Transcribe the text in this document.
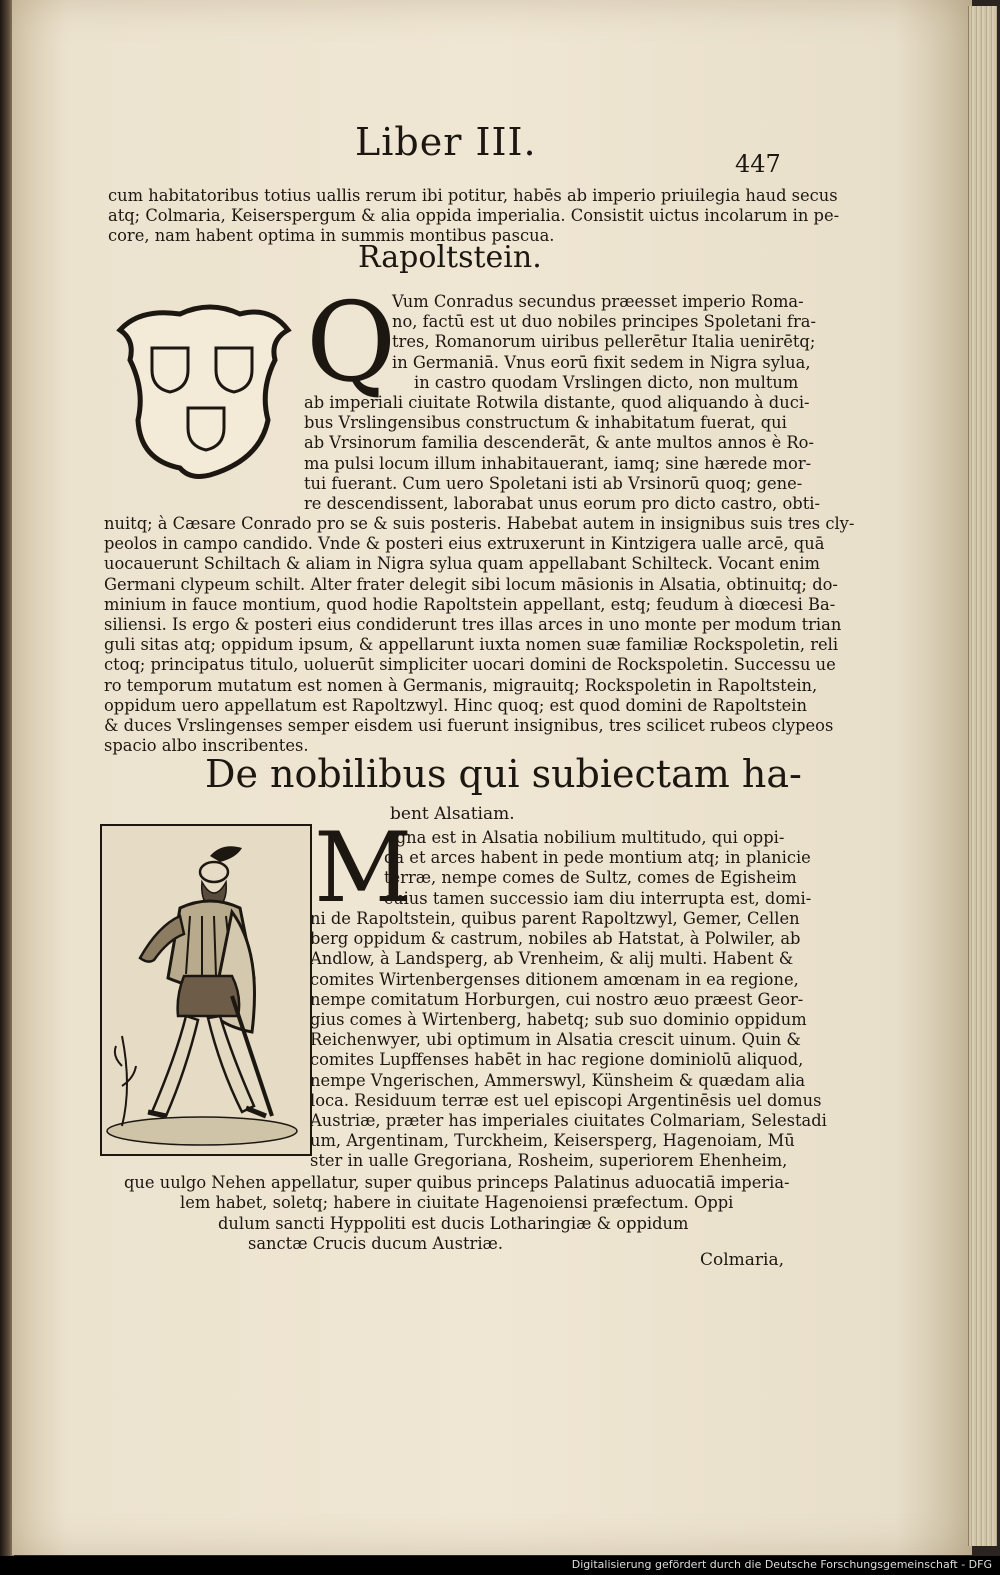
Liber III.	447
cum habitatoribus totius uallis rerum ibi potitur, habēs ab imperio priuilegia haud secus
atq; Colmaria, Keiserspergum & alia oppida imperialia. Consistit uictus incolarum in pe-
core, nam habent optima in summis montibus pascua.
Rapoltstein.
Q
Vum Conradus secundus præesset imperio Roma-
no, factū est ut duo nobiles principes Spoletani fra-
tres, Romanorum uiribus pellerētur Italia uenirētq;
in Germaniā. Vnus eorū fixit sedem in Nigra sylua,
in castro quodam Vrslingen dicto, non multum
ab imperiali ciuitate Rotwila distante, quod aliquando à duci-
bus Vrslingensibus constructum & inhabitatum fuerat, qui
ab Vrsinorum familia descenderāt, & ante multos annos è Ro-
ma pulsi locum illum inhabitauerant, iamq; sine hærede mor-
tui fuerant. Cum uero Spoletani isti ab Vrsinorū quoq; gene-
re descendissent, laborabat unus eorum pro dicto castro, obti-
nuitq; à Cæsare Conrado pro se & suis posteris. Habebat autem in insignibus suis tres cly-
peolos in campo candido. Vnde & posteri eius extruxerunt in Kintzigera ualle arcē, quā
uocauerunt Schiltach & aliam in Nigra sylua quam appellabant Schilteck. Vocant enim
Germani clypeum schilt. Alter frater delegit sibi locum māsionis in Alsatia, obtinuitq; do-
minium in fauce montium, quod hodie Rapoltstein appellant, estq; feudum à diœcesi Ba-
siliensi. Is ergo & posteri eius condiderunt tres illas arces in uno monte per modum trian
guli sitas atq; oppidum ipsum, & appellarunt iuxta nomen suæ familiæ Rockspoletin, reli
ctoq; principatus titulo, uoluerūt simpliciter uocari domini de Rockspoletin. Successu ue
ro temporum mutatum est nomen à Germanis, migrauitq; Rockspoletin in Rapoltstein,
oppidum uero appellatum est Rapoltzwyl. Hinc quoq; est quod domini de Rapoltstein
& duces Vrslingenses semper eisdem usi fuerunt insignibus, tres scilicet rubeos clypeos
spacio albo inscribentes.
De nobilibus qui subiectam ha-
bent Alsatiam.
M
Agna est in Alsatia nobilium multitudo, qui oppi-
da et arces habent in pede montium atq; in planicie
terræ, nempe comes de Sultz, comes de Egisheim
cuius tamen successio iam diu interrupta est, domi-
ni de Rapoltstein, quibus parent Rapoltzwyl, Gemer, Cellen
berg oppidum & castrum, nobiles ab Hatstat, à Polwiler, ab
Andlow, à Landsperg, ab Vrenheim, & alij multi. Habent &
comites Wirtenbergenses ditionem amœnam in ea regione,
nempe comitatum Horburgen, cui nostro æuo præest Geor-
gius comes à Wirtenberg, habetq; sub suo dominio oppidum
Reichenwyer, ubi optimum in Alsatia crescit uinum. Quin &
comites Lupffenses habēt in hac regione dominiolū aliquod,
nempe Vngerischen, Ammerswyl, Künsheim & quædam alia
loca. Residuum terræ est uel episcopi Argentinēsis uel domus
Austriæ, præter has imperiales ciuitates Colmariam, Selestadi
um, Argentinam, Turckheim, Keisersperg, Hagenoiam, Mū
ster in ualle Gregoriana, Rosheim, superiorem Ehenheim,
que uulgo Nehen appellatur, super quibus princeps Palatinus aduocatiā imperia-
lem habet, soletq; habere in ciuitate Hagenoiensi præfectum. Oppi
dulum sancti Hyppoliti est ducis Lotharingiæ & oppidum
sanctæ Crucis ducum Austriæ.
Colmaria,
Digitalisierung gefördert durch die Deutsche Forschungsgemeinschaft - DFG
